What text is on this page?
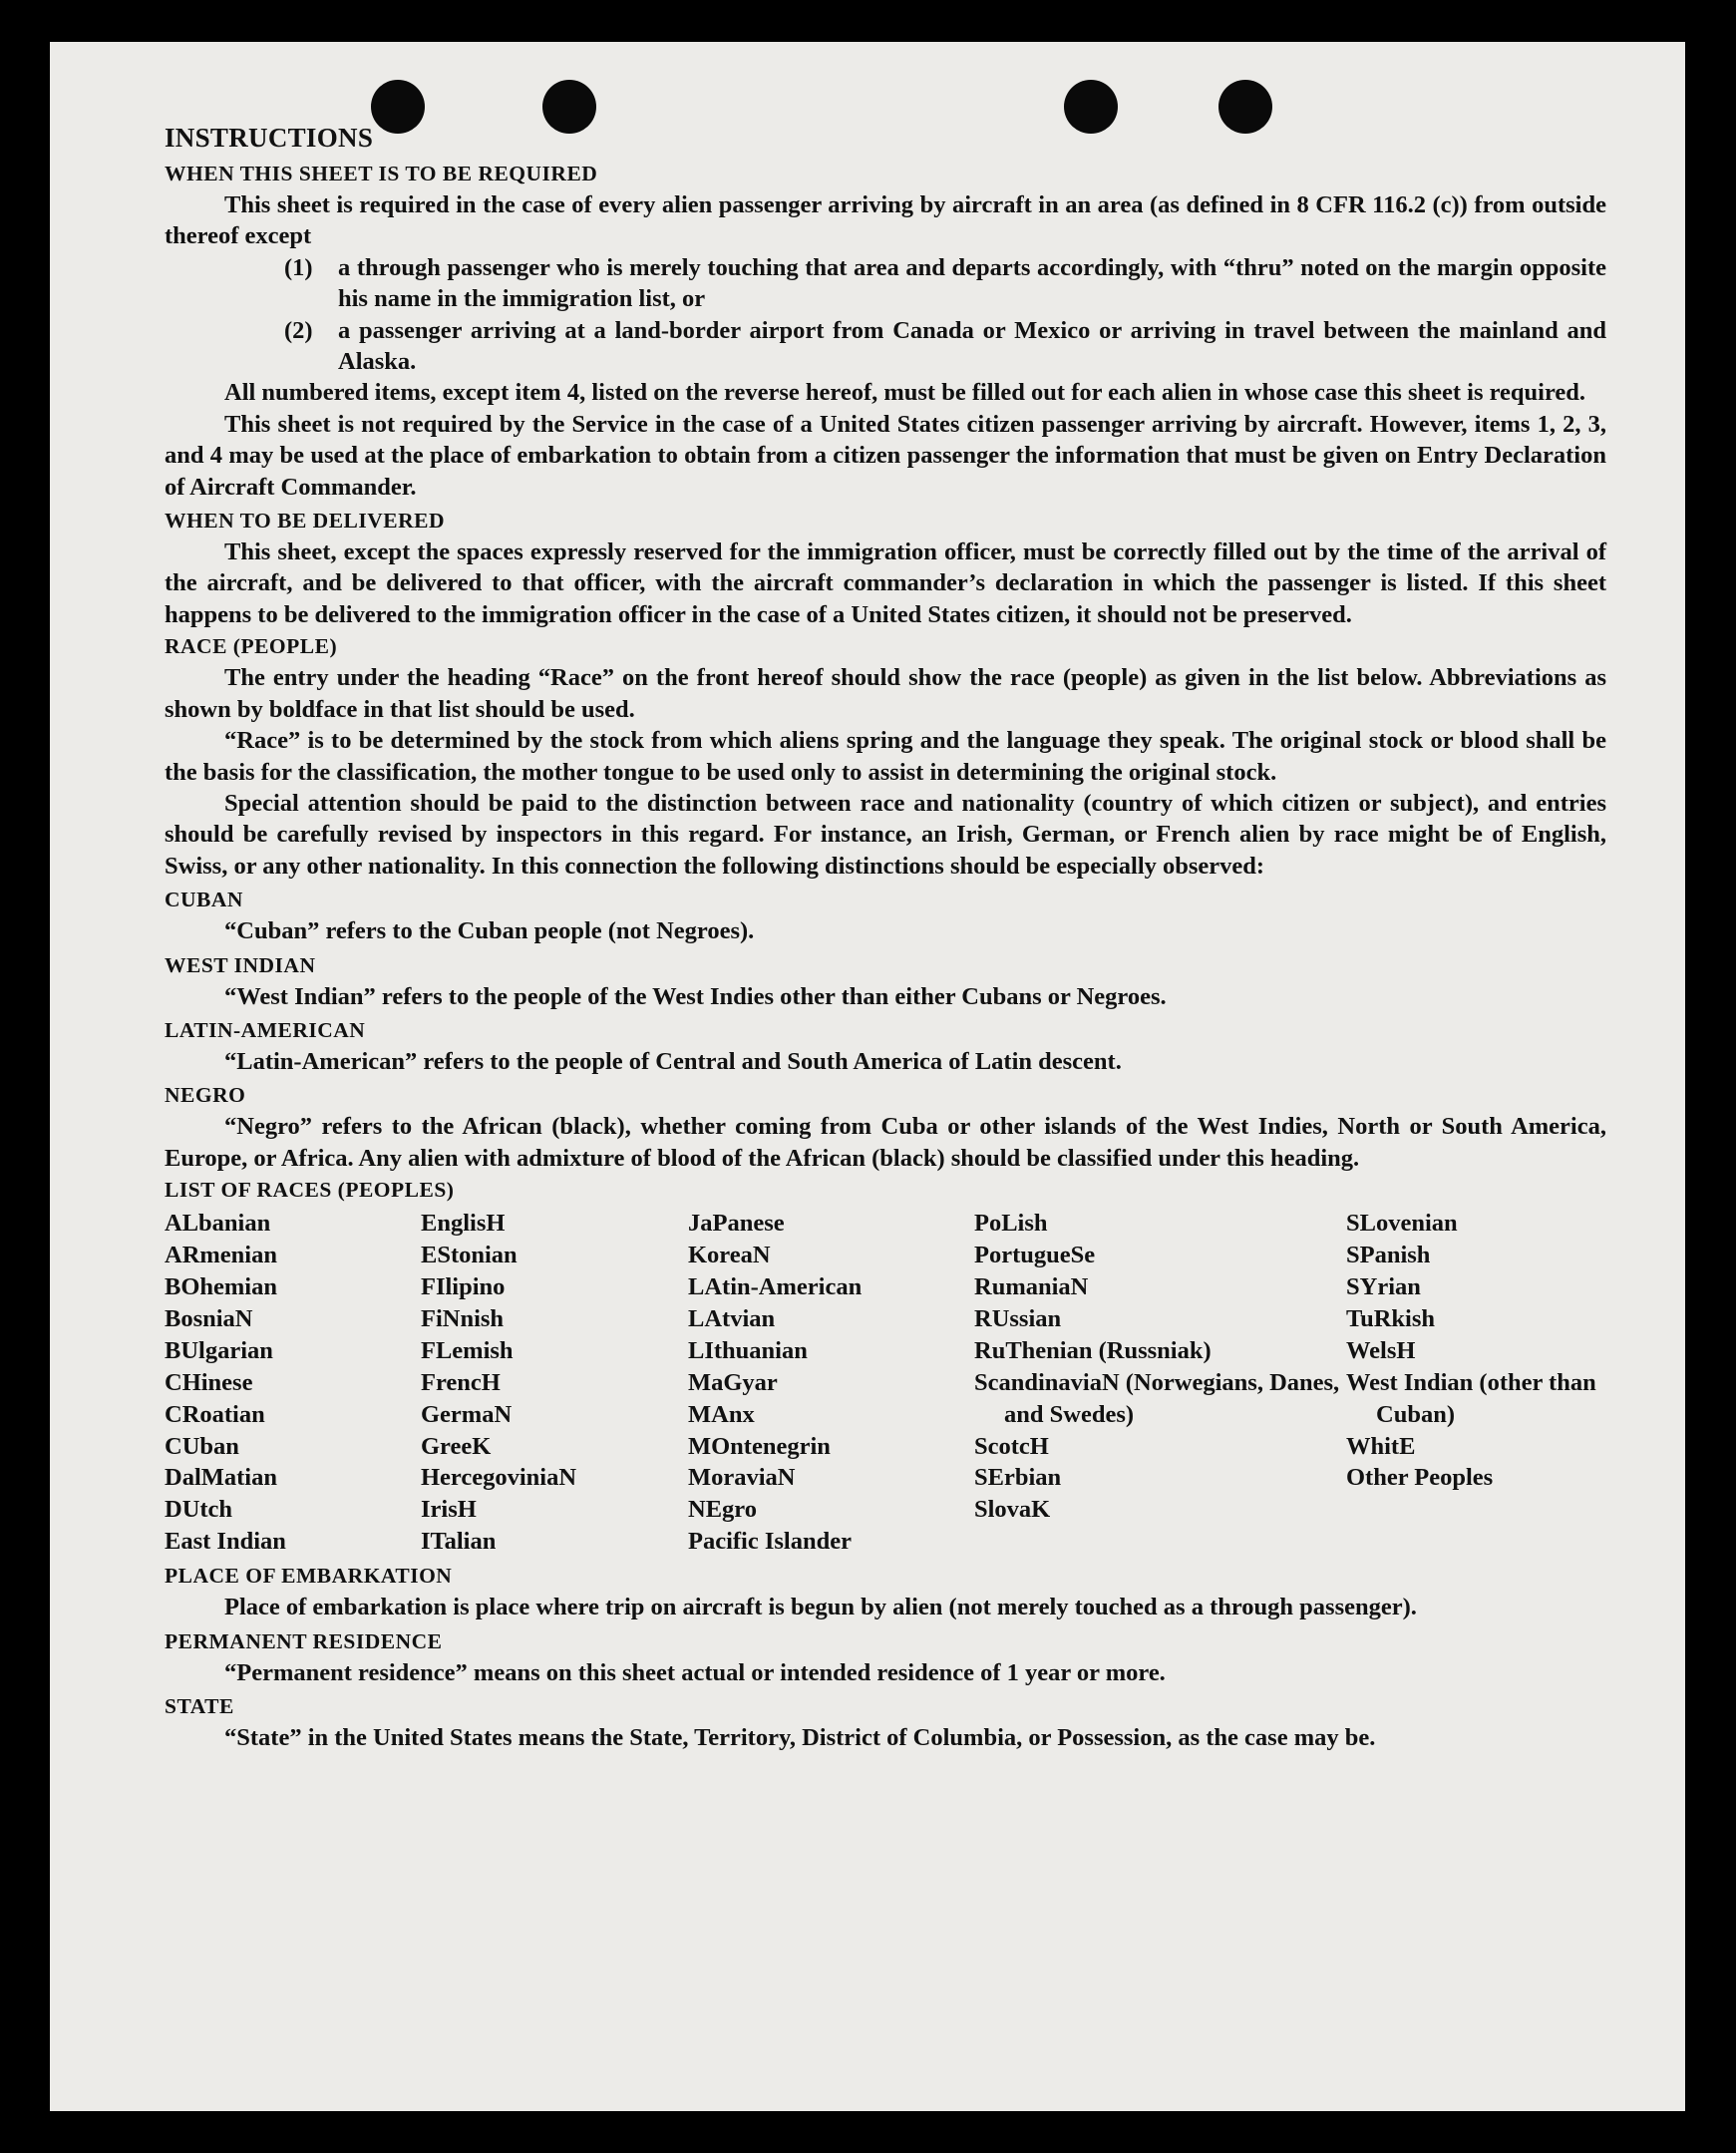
INSTRUCTIONS

WHEN THIS SHEET IS TO BE REQUIRED

This sheet is required in the case of every alien passenger arriving by aircraft in an area (as defined in 8 CFR 116.2 (c)) from outside thereof except

(1)	a through passenger who is merely touching that area and departs accordingly, with “thru” noted on the margin opposite his name in the immigration list, or
(2)	a passenger arriving at a land-border airport from Canada or Mexico or arriving in travel between the mainland and Alaska.

All numbered items, except item 4, listed on the reverse hereof, must be filled out for each alien in whose case this sheet is required.

This sheet is not required by the Service in the case of a United States citizen passenger arriving by aircraft. However, items 1, 2, 3, and 4 may be used at the place of embarkation to obtain from a citizen passenger the information that must be given on Entry Declaration of Aircraft Commander.

WHEN TO BE DELIVERED

This sheet, except the spaces expressly reserved for the immigration officer, must be correctly filled out by the time of the arrival of the aircraft, and be delivered to that officer, with the aircraft commander’s declaration in which the passenger is listed. If this sheet happens to be delivered to the immigration officer in the case of a United States citizen, it should not be preserved.

RACE (PEOPLE)

The entry under the heading “Race” on the front hereof should show the race (people) as given in the list below. Abbreviations as shown by boldface in that list should be used.

“Race” is to be determined by the stock from which aliens spring and the language they speak. The original stock or blood shall be the basis for the classification, the mother tongue to be used only to assist in determining the original stock.

Special attention should be paid to the distinction between race and nationality (country of which citizen or subject), and entries should be carefully revised by inspectors in this regard. For instance, an Irish, German, or French alien by race might be of English, Swiss, or any other nationality. In this connection the following distinctions should be especially observed:

CUBAN

“Cuban” refers to the Cuban people (not Negroes).

WEST INDIAN

“West Indian” refers to the people of the West Indies other than either Cubans or Negroes.

LATIN-AMERICAN

“Latin-American” refers to the people of Central and South America of Latin descent.

NEGRO

“Negro” refers to the African (black), whether coming from Cuba or other islands of the West Indies, North or South America, Europe, or Africa. Any alien with admixture of blood of the African (black) should be classified under this heading.

LIST OF RACES (PEOPLES)

ALbanian
ARmenian
BOhemian
BosniaN
BUlgarian
CHinese
CRoatian
CUban
DalMatian
DUtch
East Indian
EnglisH
EStonian
FIlipino
FiNnish
FLemish
FrencH
GermaN
GreeK
HercegoviniaN
IrisH
ITalian
JaPanese
KoreaN
LAtin-American
LAtvian
LIthuanian
MaGyar
MAnx
MOntenegrin
MoraviaN
NEgro
Pacific Islander
PoLish
PortugueSe
RumaniaN
RUssian
RuThenian (Russniak)
ScandinaviaN (Norwegians, Danes, and Swedes)
ScotcH
SErbian
SlovaK
SLovenian
SPanish
SYrian
TuRkish
WelsH
West Indian (other than Cuban)
WhitE
Other Peoples

PLACE OF EMBARKATION

Place of embarkation is place where trip on aircraft is begun by alien (not merely touched as a through passenger).

PERMANENT RESIDENCE

“Permanent residence” means on this sheet actual or intended residence of 1 year or more.

STATE

“State” in the United States means the State, Territory, District of Columbia, or Possession, as the case may be.
